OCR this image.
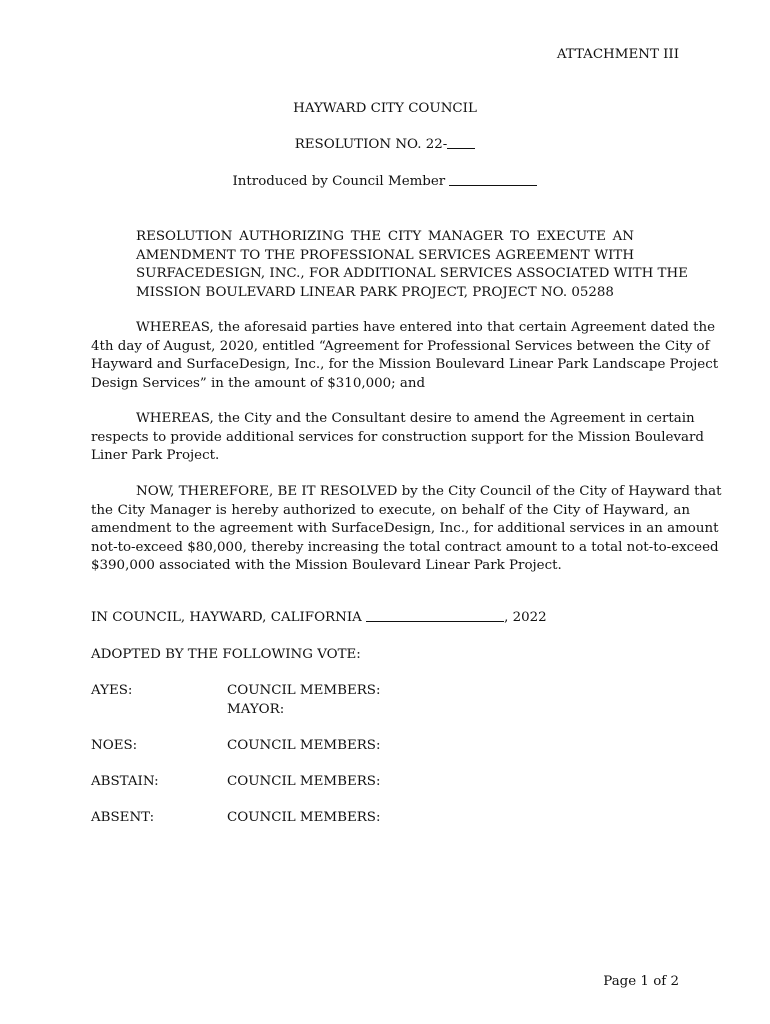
ATTACHMENT III
HAYWARD CITY COUNCIL
RESOLUTION NO. 22-
Introduced by Council Member
RESOLUTION AUTHORIZING THE CITY MANAGER TO EXECUTE AN
AMENDMENT TO THE PROFESSIONAL SERVICES AGREEMENT WITH
SURFACEDESIGN, INC., FOR ADDITIONAL SERVICES ASSOCIATED WITH THE
MISSION BOULEVARD LINEAR PARK PROJECT, PROJECT NO. 05288
WHEREAS, the aforesaid parties have entered into that certain Agreement dated the
4th day of August, 2020, entitled “Agreement for Professional Services between the City of
Hayward and SurfaceDesign, Inc., for the Mission Boulevard Linear Park Landscape Project
Design Services” in the amount of $310,000; and
WHEREAS, the City and the Consultant desire to amend the Agreement in certain
respects to provide additional services for construction support for the Mission Boulevard
Liner Park Project.
NOW, THEREFORE, BE IT RESOLVED by the City Council of the City of Hayward that
the City Manager is hereby authorized to execute, on behalf of the City of Hayward, an
amendment to the agreement with SurfaceDesign, Inc., for additional services in an amount
not-to-exceed $80,000, thereby increasing the total contract amount to a total not-to-exceed
$390,000 associated with the Mission Boulevard Linear Park Project.
IN COUNCIL, HAYWARD, CALIFORNIA	, 2022
ADOPTED BY THE FOLLOWING VOTE:
AYES:	COUNCIL MEMBERS:
MAYOR:
NOES:	COUNCIL MEMBERS:
ABSTAIN:	COUNCIL MEMBERS:
ABSENT:	COUNCIL MEMBERS:
Page 1 of 2
